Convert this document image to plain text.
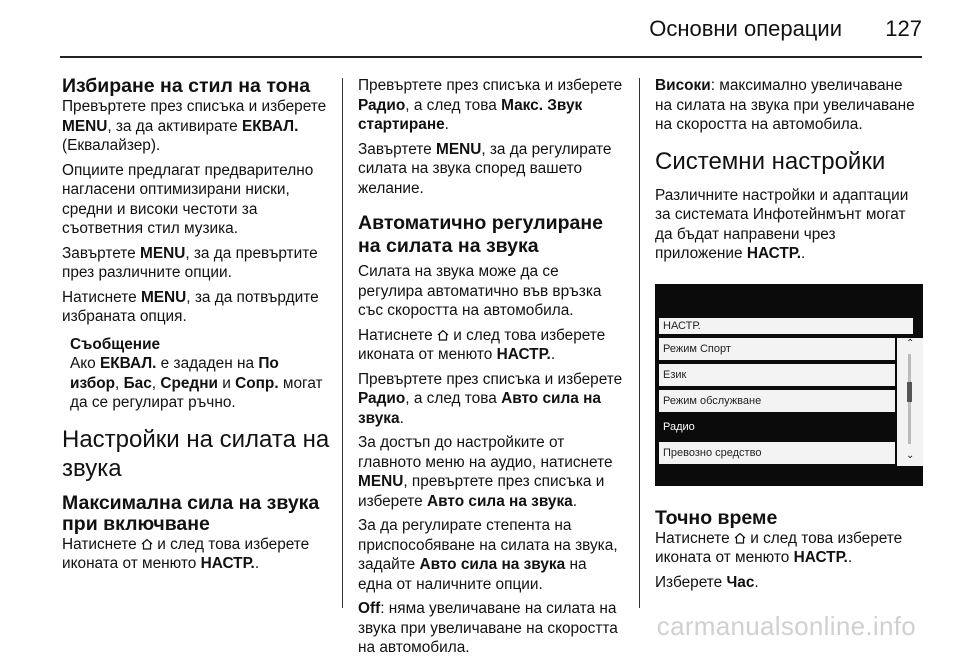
Основни операции 127
Избиране на стил на тона

Превъртете през списъка и изберете MENU, за да активирате ЕКВАЛ. (Еквалайзер).

Опциите предлагат предварително нагласени оптимизирани ниски, средни и високи честоти за съответния стил музика.

Завъртете MENU, за да превъртите през различните опции.

Натиснете MENU, за да потвърдите избраната опция.

Съобщение

Ако ЕКВАЛ. е зададен на По избор, Бас, Средни и Сопр. могат да се регулират ръчно.

Настройки на силата на звука
Максимална сила на звука при включване

Натиснете  и след това изберете иконата от менюто НАСТР..

Превъртете през списъка и изберете Радио, а след това Макс. Звук стартиране.

Завъртете MENU, за да регулирате силата на звука според вашето желание.

Автоматично регулиране на силата на звука

Силата на звука може да се регулира автоматично във връзка със скоростта на автомобила.

Натиснете  и след това изберете иконата от менюто НАСТР..

Превъртете през списъка и изберете Радио, а след това Авто сила на звука.

За достъп до настройките от главното меню на аудио, натиснете MENU, превъртете през списъка и изберете Авто сила на звука.

За да регулирате степента на приспособяване на силата на звука, задайте Авто сила на звука на една от наличните опции.

Off: няма увеличаване на силата на звука при увеличаване на скоростта на автомобила.

Високи: максимално увеличаване на силата на звука при увеличаване на скоростта на автомобила.

Системни настройки

Различните настройки и адаптации за системата Инфотейнмънт могат да бъдат направени чрез приложение НАСТР..

НАСТР.
Режим Спорт
Език
Режим обслужване
Радио
Превозно средство
⌃
⌄
Точно време

Натиснете  и след това изберете иконата от менюто НАСТР..

Изберете Час.

carmanualsonline.info
